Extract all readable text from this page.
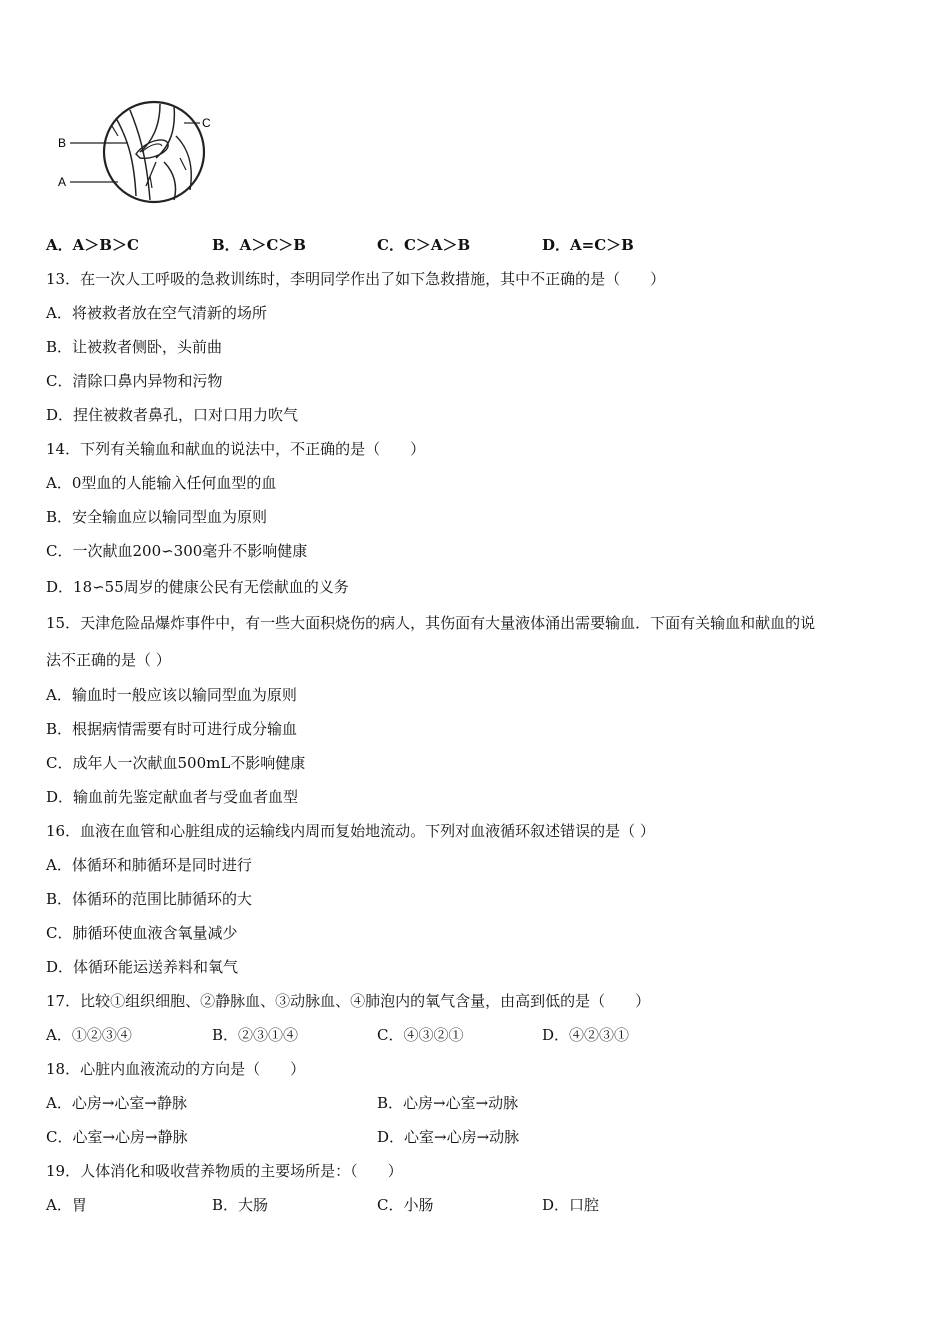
B
A
C
A．A＞B＞C	B．A＞C＞B	C．C＞A＞B	D．A=C＞B
13．在一次人工呼吸的急救训练时，李明同学作出了如下急救措施，其中不正确的是（　　）
A．将被救者放在空气清新的场所
B．让被救者侧卧，头前曲
C．清除口鼻内异物和污物
D．捏住被救者鼻孔，口对口用力吹气
14．下列有关输血和献血的说法中，不正确的是（　　）
A．0型血的人能输入任何血型的血
B．安全输血应以输同型血为原则
C．一次献血200∽300毫升不影响健康
D．18∽55周岁的健康公民有无偿献血的义务
15．天津危险品爆炸事件中，有一些大面积烧伤的病人，其伤面有大量液体涌出需要输血．下面有关输血和献血的说
法不正确的是（ ）
A．输血时一般应该以输同型血为原则
B．根据病情需要有时可进行成分输血
C．成年人一次献血500mL不影响健康
D．输血前先鉴定献血者与受血者血型
16．血液在血管和心脏组成的运输线内周而复始地流动。下列对血液循环叙述错误的是（ ）
A．体循环和肺循环是同时进行
B．体循环的范围比肺循环的大
C．肺循环使血液含氧量减少
D．体循环能运送养料和氧气
17．比较①组织细胞、②静脉血、③动脉血、④肺泡内的氧气含量，由高到低的是（　　）
A．①②③④	B．②③①④	C．④③②①	D．④②③①
18．心脏内血液流动的方向是（　　）
A．心房→心室→静脉	B．心房→心室→动脉
C．心室→心房→静脉	D．心室→心房→动脉
19．人体消化和吸收营养物质的主要场所是：（　　）
A．胃	B．大肠	C．小肠	D．口腔
